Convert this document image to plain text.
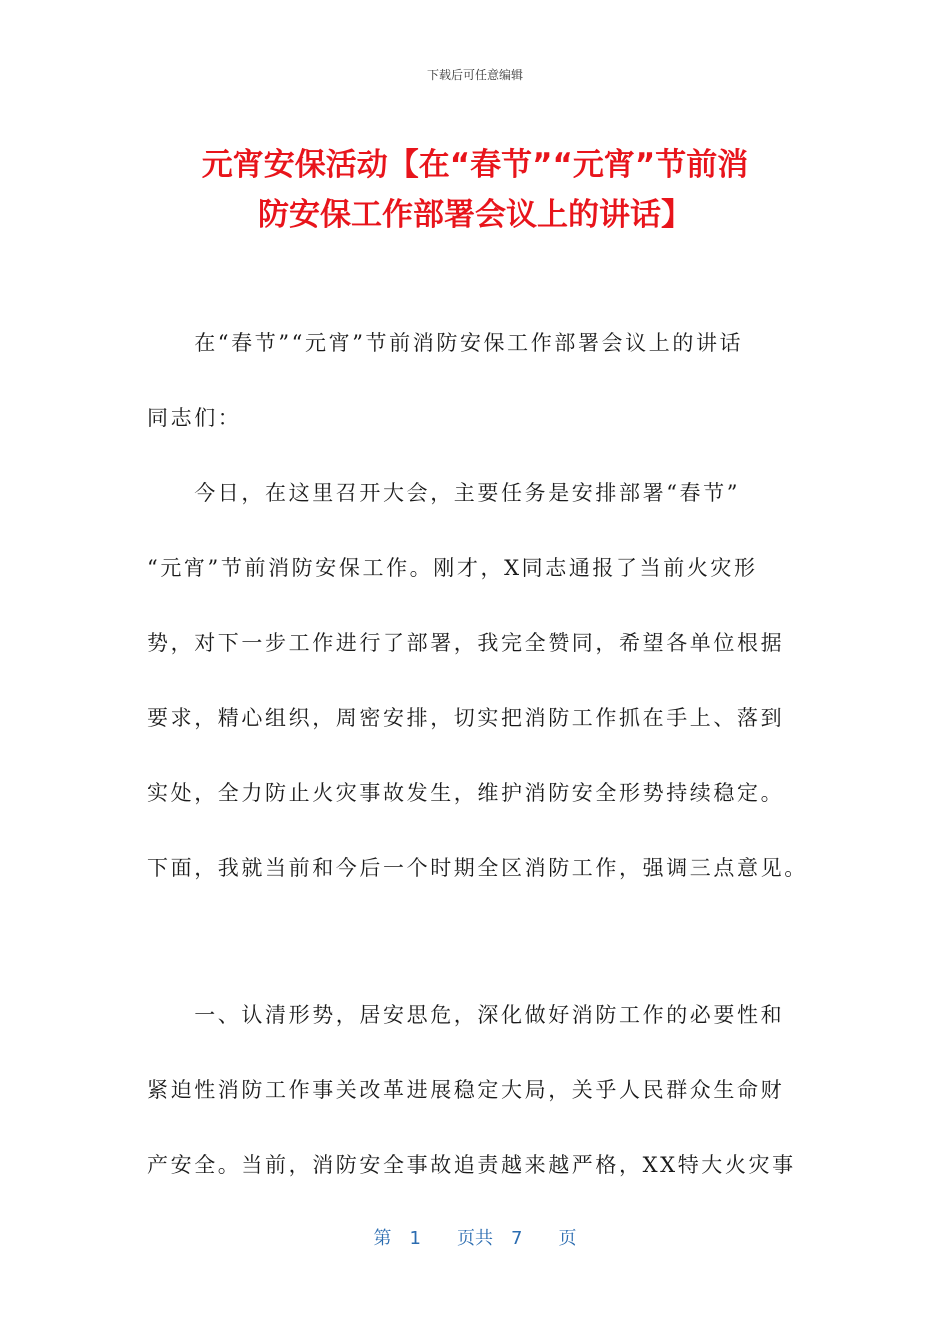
下载后可任意编辑
元宵安保活动【在“春节”“元宵”节前消
防安保工作部署会议上的讲话】
　　在“春节”“元宵”节前消防安保工作部署会议上的讲话
同志们：
　　今日，在这里召开大会，主要任务是安排部署“春节”
“元宵”节前消防安保工作。刚才，X同志通报了当前火灾形
势，对下一步工作进行了部署，我完全赞同，希望各单位根据
要求，精心组织，周密安排，切实把消防工作抓在手上、落到
实处，全力防止火灾事故发生，维护消防安全形势持续稳定。
下面，我就当前和今后一个时期全区消防工作，强调三点意见。
　　一、认清形势，居安思危，深化做好消防工作的必要性和
紧迫性消防工作事关改革进展稳定大局，关乎人民群众生命财
产安全。当前，消防安全事故追责越来越严格，XX特大火灾事
第　1　　页共　7　　页
